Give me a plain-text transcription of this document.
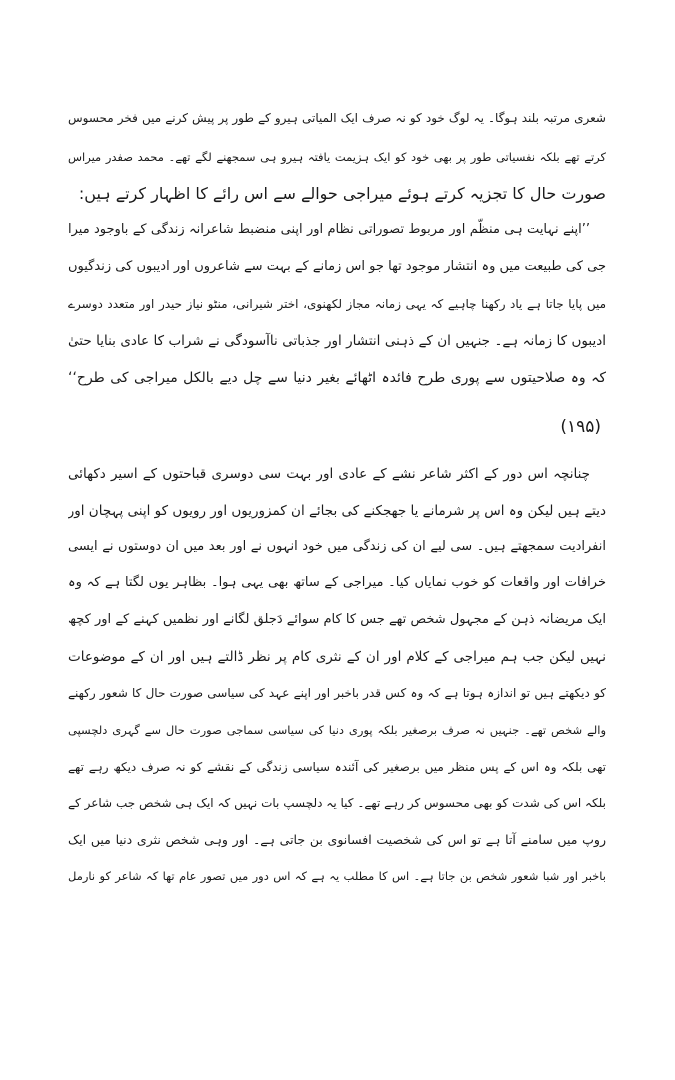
شعری مرتبہ بلند ہوگا۔ یہ لوگ خود کو نہ صرف ایک المیاتی ہیرو کے طور پر پیش کرنے میں فخر محسوس
کرتے تھے بلکہ نفسیاتی طور پر بھی خود کو ایک ہزیمت یافتہ ہیرو ہی سمجھنے لگے تھے۔ محمد صفدر میراس
صورت حال کا تجزیہ کرتے ہوئے میراجی حوالے سے اس رائے کا اظہار کرتے ہیں:
’’اپنے نہایت ہی منظّم اور مربوط تصوراتی نظام اور اپنی منضبط شاعرانہ زندگی کے باوجود میرا
جی کی طبیعت میں وہ انتشار موجود تھا جو اس زمانے کے بہت سے شاعروں اور ادیبوں کی زندگیوں
میں پایا جاتا ہے یاد رکھنا چاہیے کہ یہی زمانہ مجاز لکھنوی، اختر شیرانی، منٹو نیاز حیدر اور متعدد دوسرے
ادیبوں کا زمانہ ہے۔ جنہیں ان کے ذہنی انتشار اور جذباتی ناآسودگی نے شراب کا عادی بنایا حتیٰ
کہ وہ صلاحیتوں سے پوری طرح فائدہ اٹھائے بغیر دنیا سے چل دیے بالکل میراجی کی طرح‘‘
(۱۹۵)
چنانچہ اس دور کے اکثر شاعر نشے کے عادی اور بہت سی دوسری قباحتوں کے اسیر دکھائی
دیتے ہیں لیکن وہ اس پر شرمانے یا جھجکنے کی بجائے ان کمزوریوں اور رویوں کو اپنی پہچان اور
انفرادیت سمجھتے ہیں۔ سی لیے ان کی زندگی میں خود انہوں نے اور بعد میں ان دوستوں نے ایسی
خرافات اور واقعات کو خوب نمایاں کیا۔ میراجی کے ساتھ بھی یہی ہوا۔ بظاہر یوں لگتا ہے کہ وہ
ایک مریضانہ ذہن کے مجہول شخص تھے جس کا کام سوائے دَجلق لگانے اور نظمیں کہنے کے اور کچھ
نہیں لیکن جب ہم میراجی کے کلام اور ان کے نثری کام پر نظر ڈالتے ہیں اور ان کے موضوعات
کو دیکھتے ہیں تو اندازہ ہوتا ہے کہ وہ کس قدر باخبر اور اپنے عہد کی سیاسی صورت حال کا شعور رکھنے
والے شخص تھے۔ جنہیں نہ صرف برصغیر بلکہ پوری دنیا کی سیاسی سماجی صورت حال سے گہری دلچسپی
تھی بلکہ وہ اس کے پس منظر میں برصغیر کی آئندہ سیاسی زندگی کے نقشے کو نہ صرف دیکھ رہے تھے
بلکہ اس کی شدت کو بھی محسوس کر رہے تھے۔ کیا یہ دلچسپ بات نہیں کہ ایک ہی شخص جب شاعر کے
روپ میں سامنے آتا ہے تو اس کی شخصیت افسانوی بن جاتی ہے۔ اور وہی شخص نثری دنیا میں ایک
باخبر اور شبا شعور شخص بن جاتا ہے۔ اس کا مطلب یہ ہے کہ اس دور میں تصور عام تھا کہ شاعر کو نارمل
